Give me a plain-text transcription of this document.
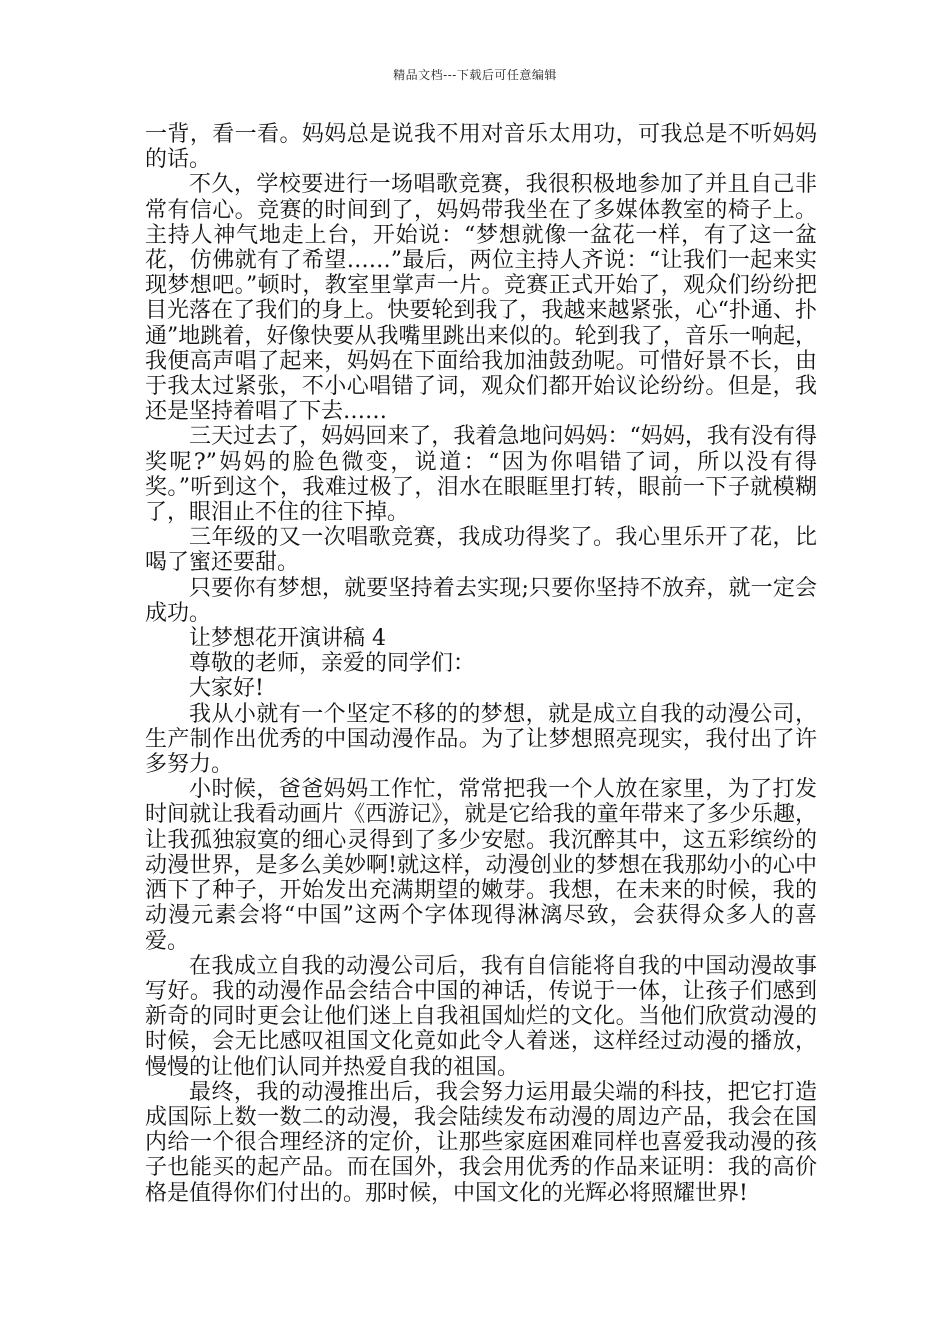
精品文档---下载后可任意编辑

一背，看一看。妈妈总是说我不用对音乐太用功，可我总是不听妈妈的话。

不久，学校要进行一场唱歌竞赛，我很积极地参加了并且自己非常有信心。竞赛的时间到了，妈妈带我坐在了多媒体教室的椅子上。主持人神气地走上台，开始说：“梦想就像一盆花一样，有了这一盆花，仿佛就有了希望……”最后，两位主持人齐说：“让我们一起来实现梦想吧。”顿时，教室里掌声一片。竞赛正式开始了，观众们纷纷把目光落在了我们的身上。快要轮到我了，我越来越紧张，心“扑通、扑通”地跳着，好像快要从我嘴里跳出来似的。轮到我了，音乐一响起，我便高声唱了起来，妈妈在下面给我加油鼓劲呢。可惜好景不长，由于我太过紧张，不小心唱错了词，观众们都开始议论纷纷。但是，我还是坚持着唱了下去……

三天过去了，妈妈回来了，我着急地问妈妈：“妈妈，我有没有得奖呢?”妈妈的脸色微变，说道：“因为你唱错了词，所以没有得奖。”听到这个，我难过极了，泪水在眼眶里打转，眼前一下子就模糊了，眼泪止不住的往下掉。

三年级的又一次唱歌竞赛，我成功得奖了。我心里乐开了花，比喝了蜜还要甜。

只要你有梦想，就要坚持着去实现;只要你坚持不放弃，就一定会成功。

让梦想花开演讲稿 4

尊敬的老师，亲爱的同学们：

大家好!

我从小就有一个坚定不移的的梦想，就是成立自我的动漫公司，生产制作出优秀的中国动漫作品。为了让梦想照亮现实，我付出了许多努力。

小时候，爸爸妈妈工作忙，常常把我一个人放在家里，为了打发时间就让我看动画片《西游记》，就是它给我的童年带来了多少乐趣，让我孤独寂寞的细心灵得到了多少安慰。我沉醉其中，这五彩缤纷的动漫世界，是多么美妙啊!就这样，动漫创业的梦想在我那幼小的心中洒下了种子，开始发出充满期望的嫩芽。我想，在未来的时候，我的动漫元素会将“中国”这两个字体现得淋漓尽致，会获得众多人的喜爱。

在我成立自我的动漫公司后，我有自信能将自我的中国动漫故事写好。我的动漫作品会结合中国的神话，传说于一体，让孩子们感到新奇的同时更会让他们迷上自我祖国灿烂的文化。当他们欣赏动漫的时候，会无比感叹祖国文化竟如此令人着迷，这样经过动漫的播放，慢慢的让他们认同并热爱自我的祖国。

最终，我的动漫推出后，我会努力运用最尖端的科技，把它打造成国际上数一数二的动漫，我会陆续发布动漫的周边产品，我会在国内给一个很合理经济的定价，让那些家庭困难同样也喜爱我动漫的孩子也能买的起产品。而在国外，我会用优秀的作品来证明：我的高价格是值得你们付出的。那时候，中国文化的光辉必将照耀世界!
